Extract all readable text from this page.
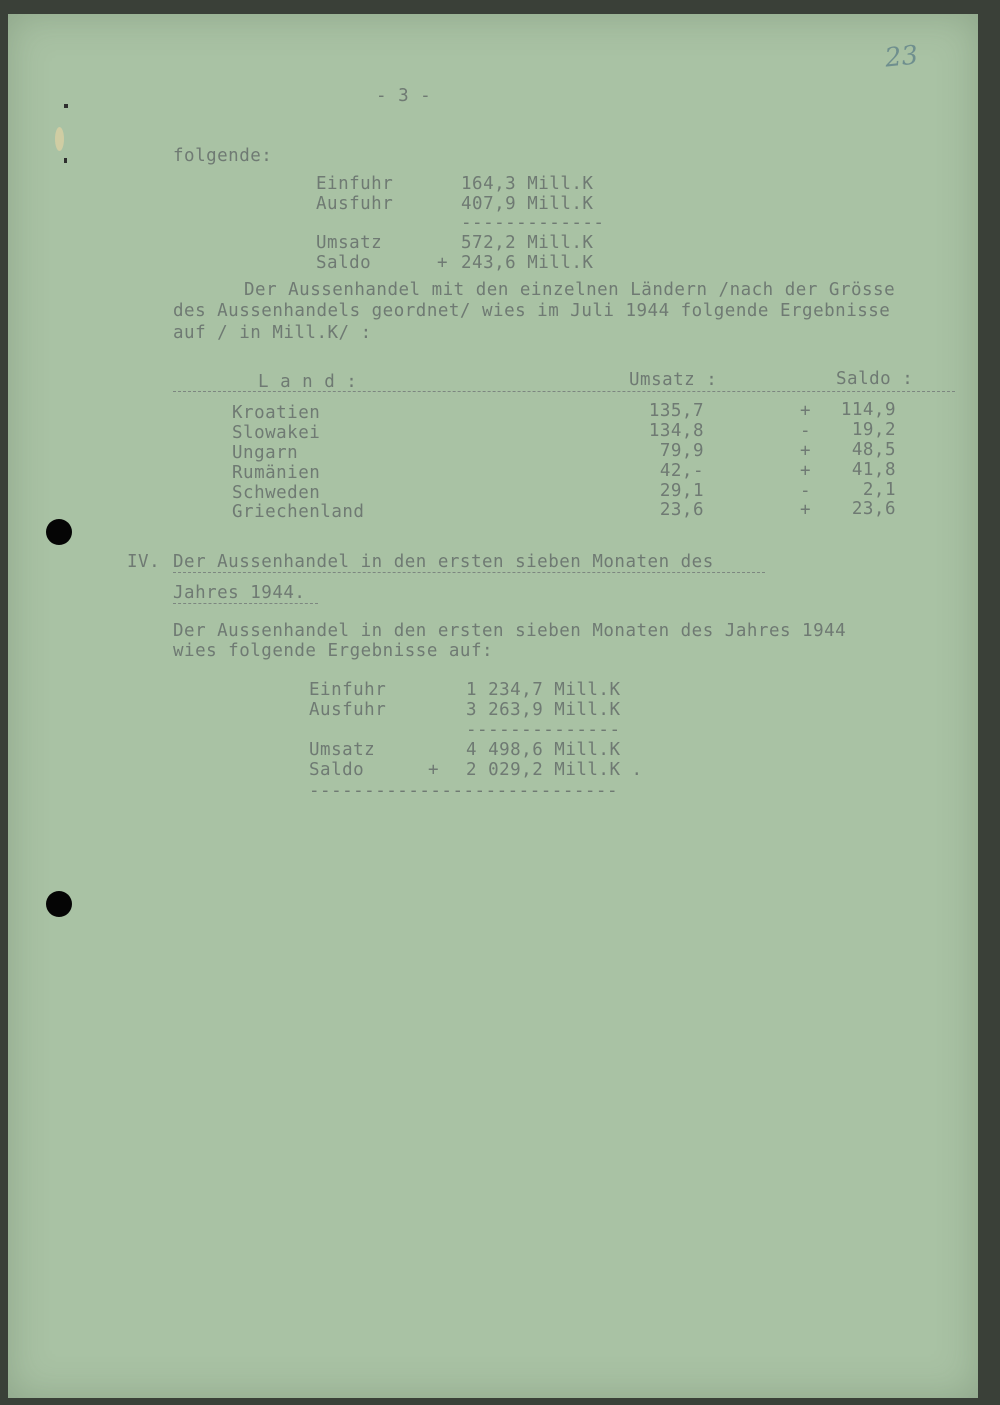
23
- 3 -
folgende:
Einfuhr	164,3 Mill.K
Ausfuhr	407,9 Mill.K
-------------
Umsatz	572,2 Mill.K
Saldo	+ 243,6 Mill.K
Der Aussenhandel mit den einzelnen Ländern /nach der Grösse
des Aussenhandels geordnet/ wies im Juli 1944 folgende Ergebnisse
auf / in Mill.K/ :
L a n d :	Umsatz :	Saldo :
Kroatien	135,7	+	114,9
Slowakei	134,8	-	19,2
Ungarn	79,9	+	48,5
Rumänien	42,-	+	41,8
Schweden	29,1	-	2,1
Griechenland	23,6	+	23,6
IV. Der Aussenhandel in den ersten sieben Monaten des
Jahres 1944.
Der Aussenhandel in den ersten sieben Monaten des Jahres 1944
wies folgende Ergebnisse auf:
Einfuhr	1 234,7 Mill.K
Ausfuhr	3 263,9 Mill.K
--------------
Umsatz	4 498,6 Mill.K
Saldo	+ 2 029,2 Mill.K .
----------------------------
